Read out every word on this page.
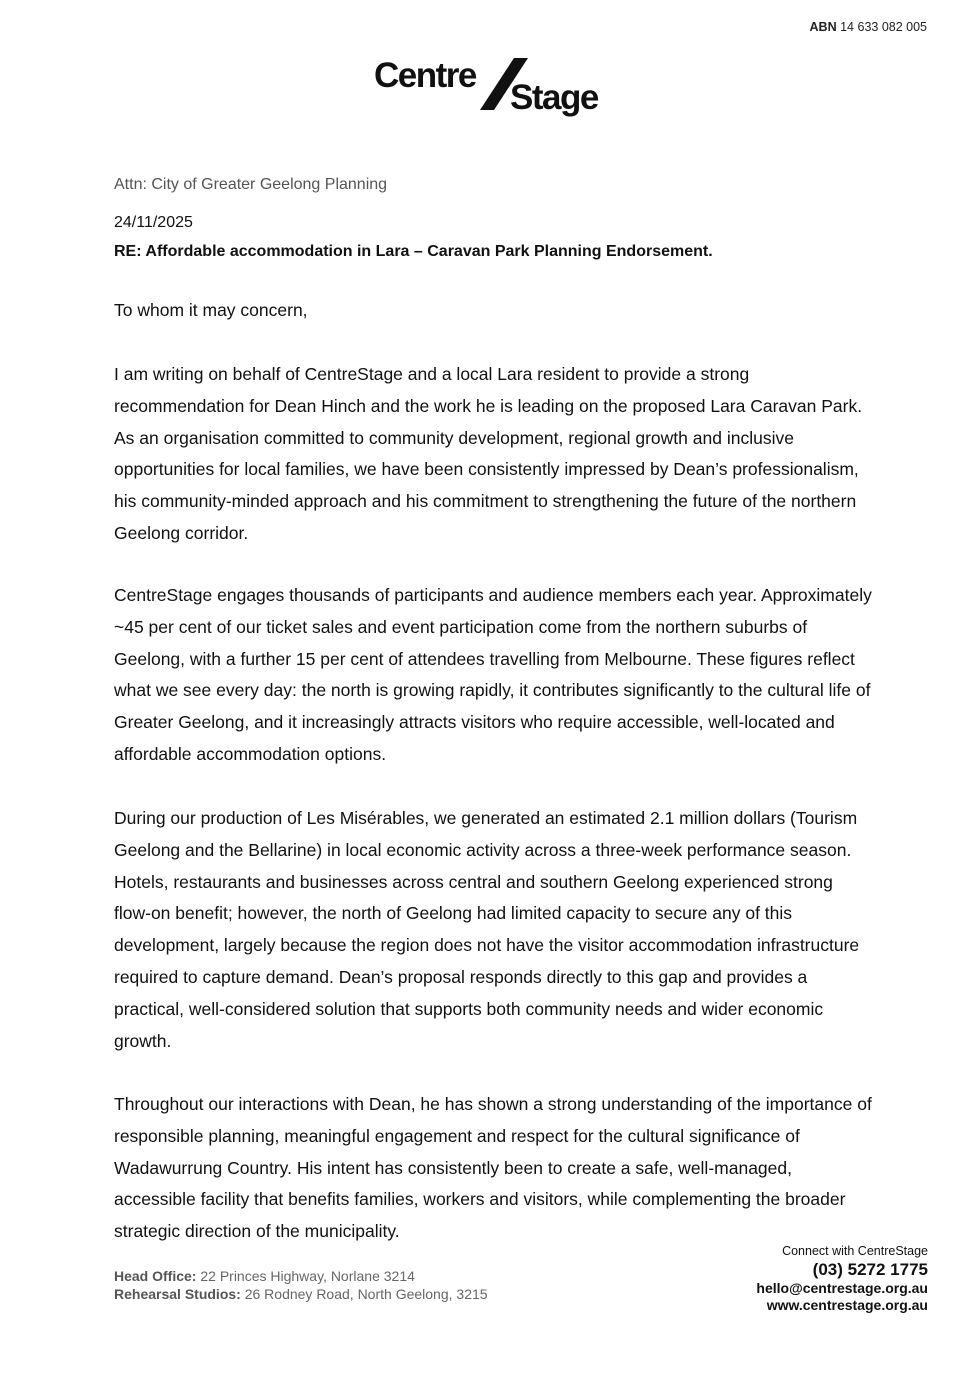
ABN 14 633 082 005
Centre
Stage
Attn: City of Greater Geelong Planning
24/11/2025
RE: Affordable accommodation in Lara – Caravan Park Planning Endorsement.
To whom it may concern,

I am writing on behalf of CentreStage and a local Lara resident to provide a strong recommendation for Dean Hinch and the work he is leading on the proposed Lara Caravan Park. As an organisation committed to community development, regional growth and inclusive opportunities for local families, we have been consistently impressed by Dean’s professionalism, his community-minded approach and his commitment to strengthening the future of the northern Geelong corridor.

CentreStage engages thousands of participants and audience members each year. Approximately ~45 per cent of our ticket sales and event participation come from the northern suburbs of Geelong, with a further 15 per cent of attendees travelling from Melbourne. These figures reflect what we see every day: the north is growing rapidly, it contributes significantly to the cultural life of Greater Geelong, and it increasingly attracts visitors who require accessible, well-located and affordable accommodation options.

During our production of Les Misérables, we generated an estimated 2.1 million dollars (Tourism Geelong and the Bellarine) in local economic activity across a three-week performance season. Hotels, restaurants and businesses across central and southern Geelong experienced strong flow-on benefit; however, the north of Geelong had limited capacity to secure any of this development, largely because the region does not have the visitor accommodation infrastructure required to capture demand. Dean’s proposal responds directly to this gap and provides a practical, well-considered solution that supports both community needs and wider economic growth.

Throughout our interactions with Dean, he has shown a strong understanding of the importance of responsible planning, meaningful engagement and respect for the cultural significance of Wadawurrung Country. His intent has consistently been to create a safe, well-managed, accessible facility that benefits families, workers and visitors, while complementing the broader strategic direction of the municipality.

Head Office: 22 Princes Highway, Norlane 3214
Rehearsal Studios: 26 Rodney Road, North Geelong, 3215
Connect with CentreStage
(03) 5272 1775
hello@centrestage.org.au
www.centrestage.org.au
